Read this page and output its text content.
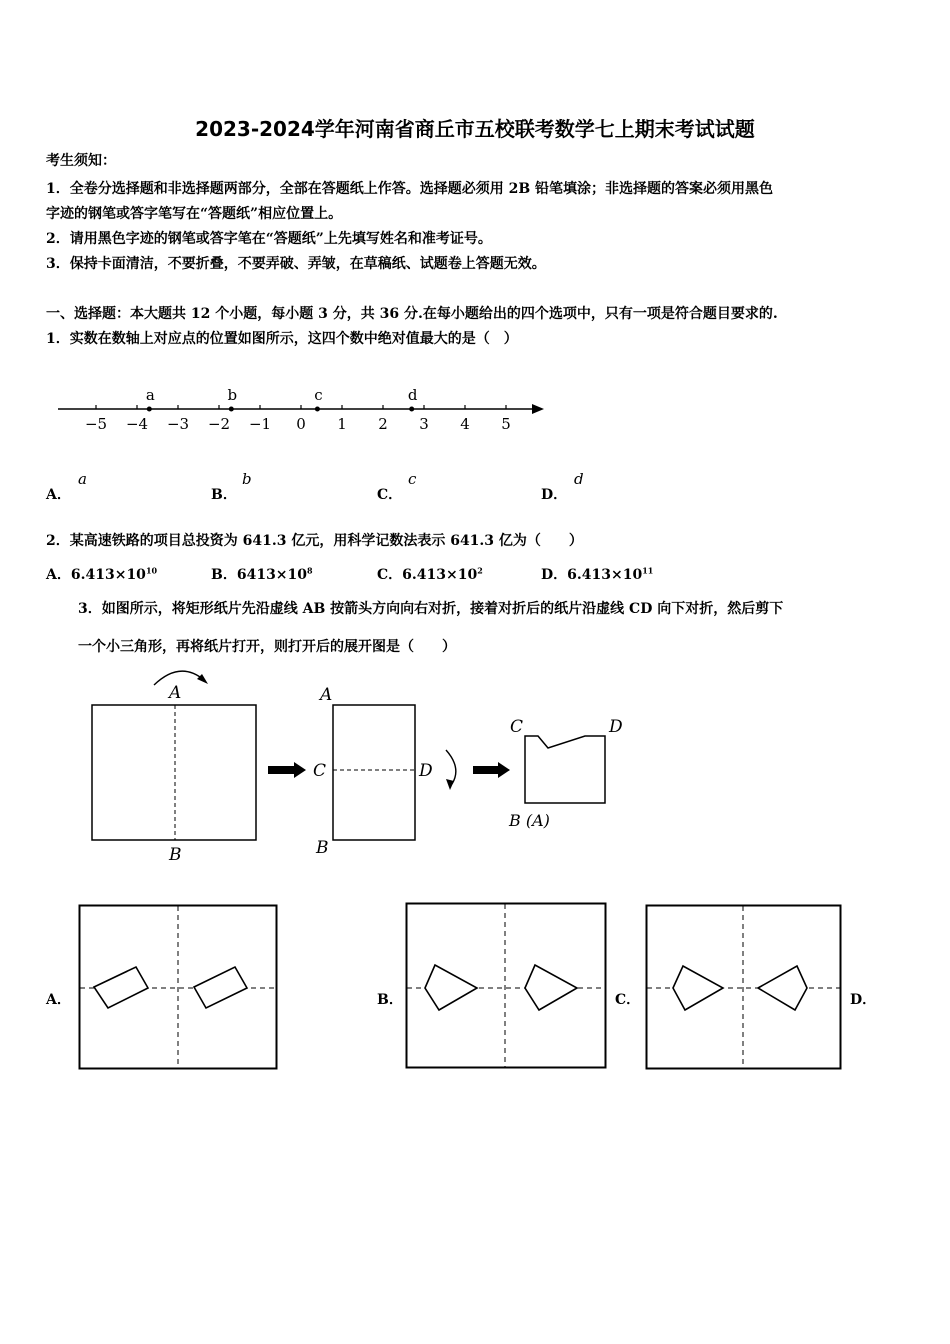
2023-2024学年河南省商丘市五校联考数学七上期末考试试题
考生须知：
1．全卷分选择题和非选择题两部分，全部在答题纸上作答。选择题必须用 2B 铅笔填涂；非选择题的答案必须用黑色
字迹的钢笔或答字笔写在“答题纸”相应位置上。
2．请用黑色字迹的钢笔或答字笔在“答题纸”上先填写姓名和准考证号。
3．保持卡面清洁，不要折叠，不要弄破、弄皱，在草稿纸、试题卷上答题无效。
一、选择题：本大题共 12 个小题，每小题 3 分，共 36 分.在每小题给出的四个选项中，只有一项是符合题目要求的.
1．实数在数轴上对应点的位置如图所示，这四个数中绝对值最大的是（　）
−5 −4 −3 −2 −1 0 1 2 3 4 5
a	b	c	d
A．
a
B．
b
C．
c
D．
d
2．某高速铁路的项目总投资为 641.3 亿元，用科学记数法表示 641.3 亿为（　　）
A．$6.413\times 10^{10}$	B．$6413\times 10^8$	C．$6.413\times 10^2$	D．$6.413\times 10^{11}$
3．如图所示，将矩形纸片先沿虚线 AB 按箭头方向向右对折，接着对折后的纸片沿虚线 CD 向下对折，然后剪下
一个小三角形，再将纸片打开，则打开后的展开图是（　　）
A
B
A
C	D
B
C	D
B (A)
A．	B．	C．	D．
